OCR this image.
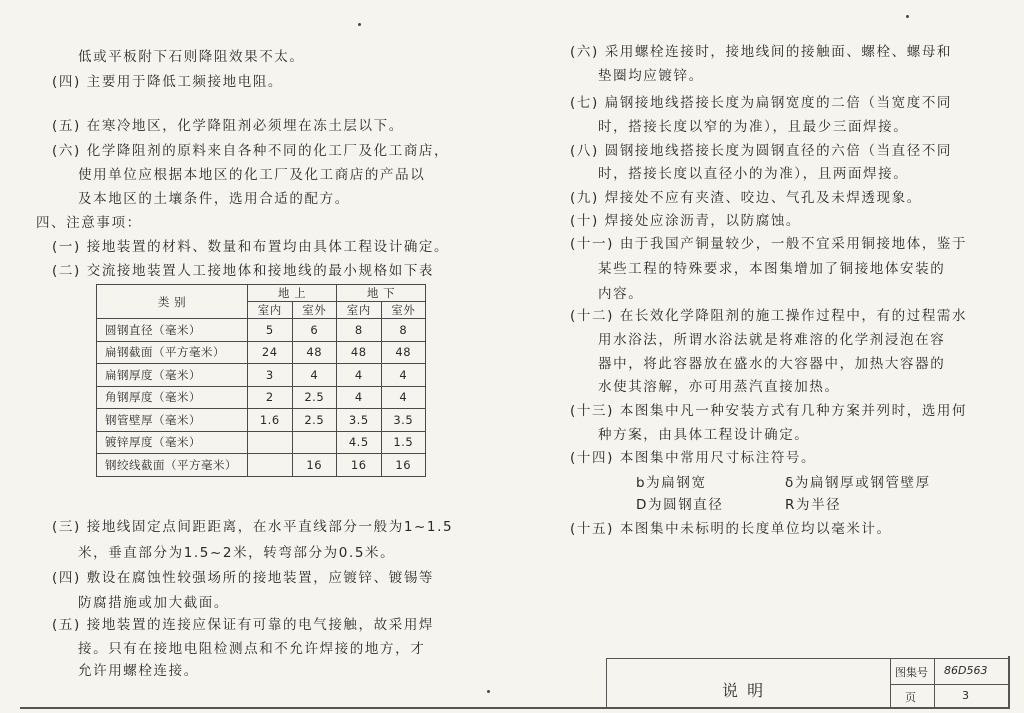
低或平板附下石则降阻效果不太。
(四) 主要用于降低工频接地电阻。
(五) 在寒冷地区，化学降阻剂必须埋在冻土层以下。
(六) 化学降阻剂的原料来自各种不同的化工厂及化工商店，
使用单位应根据本地区的化工厂及化工商店的产品以
及本地区的土壤条件，选用合适的配方。
四、注意事项：
(一) 接地装置的材料、数量和布置均由具体工程设计确定。
(二) 交流接地装置人工接地体和接地线的最小规格如下表
类 别	地 上		地 下	
	室内	室外	室内	室外
圆钢直径（毫米）	5	6	8	8
扁钢截面（平方毫米）	24	48	48	48
扁钢厚度（毫米）	3	4	4	4
角钢厚度（毫米）	2	2.5	4	4
钢管壁厚（毫米）	1.6	2.5	3.5	3.5
镀锌厚度（毫米）			4.5	1.5
钢绞线截面（平方毫米）		16	16	16
(三) 接地线固定点间距距离，在水平直线部分一般为1~1.5
米，垂直部分为1.5~2米，转弯部分为0.5米。
(四) 敷设在腐蚀性较强场所的接地装置，应镀锌、镀锡等
防腐措施或加大截面。
(五) 接地装置的连接应保证有可靠的电气接触，故采用焊
接。只有在接地电阻检测点和不允许焊接的地方，才
允许用螺栓连接。
(六) 采用螺栓连接时，接地线间的接触面、螺栓、螺母和
垫圈均应镀锌。
(七) 扁钢接地线搭接长度为扁钢宽度的二倍（当宽度不同
时，搭接长度以窄的为准），且最少三面焊接。
(八) 圆钢接地线搭接长度为圆钢直径的六倍（当直径不同
时，搭接长度以直径小的为准），且两面焊接。
(九) 焊接处不应有夹渣、咬边、气孔及未焊透现象。
(十) 焊接处应涂沥青，以防腐蚀。
(十一) 由于我国产铜量较少，一般不宜采用铜接地体，鉴于
某些工程的特殊要求，本图集增加了铜接地体安装的
内容。
(十二) 在长效化学降阻剂的施工操作过程中，有的过程需水
用水浴法，所谓水浴法就是将难溶的化学剂浸泡在容
器中，将此容器放在盛水的大容器中，加热大容器的
水使其溶解，亦可用蒸汽直接加热。
(十三) 本图集中凡一种安装方式有几种方案并列时，选用何
种方案，由具体工程设计确定。
(十四) 本图集中常用尺寸标注符号。
b为扁钢宽	δ为扁钢厚或钢管壁厚
D为圆钢直径	R为半径
(十五) 本图集中未标明的长度单位均以毫米计。
说 明
图集号 86D563
页	3
